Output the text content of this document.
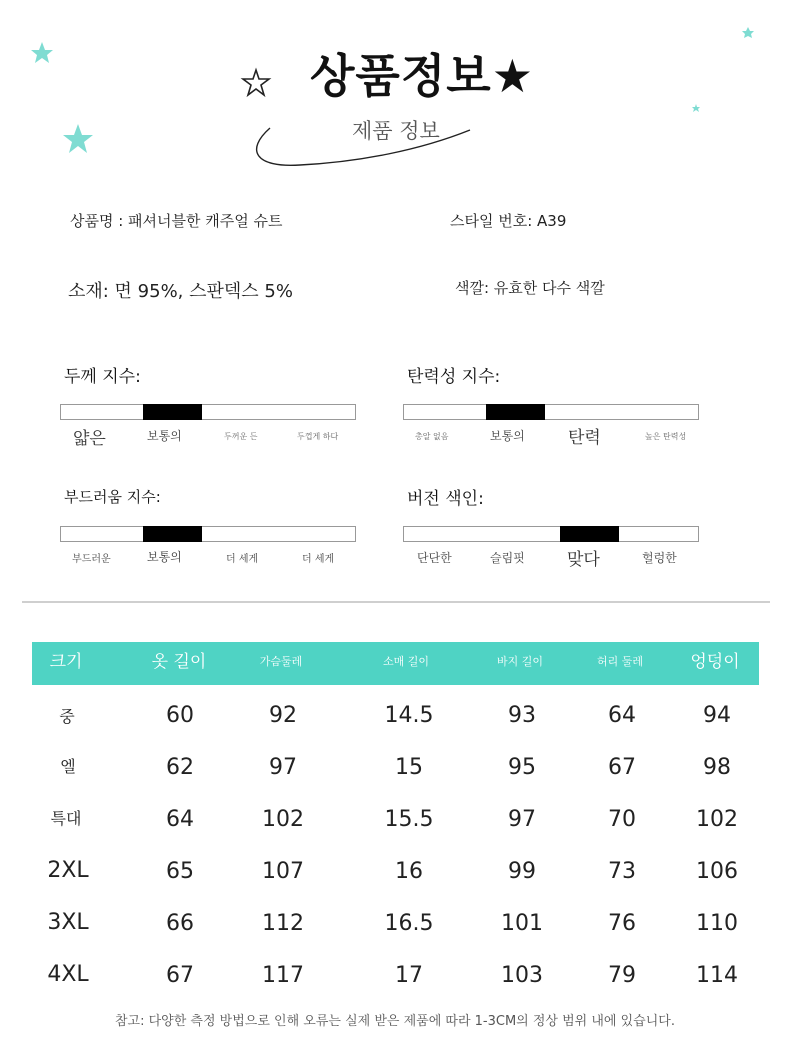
상품정보★
제품 정보
상품명 : 패셔너블한 캐주얼 슈트	스타일 번호: A39
소재: 면 95%, 스판덱스 5%	색깔: 유효한 다수 색깔
두께 지수:
얇은	보통의	두꺼운 든	두껍게 하다
탄력성 지수:
총알 없음	보통의	탄력	높은 탄력성
부드러움 지수:
부드러운	보통의	더 세게	더 세게
버전 색인:
단단한	슬림핏 맞다	헐렁한
크기	옷 길이	가슴둘레	소매 길이	바지 길이	허리 둘레	엉덩이
중	60	92	14.5	93	64	94
엘	62	97	15	95	67	98
특대	64	102	15.5	97	70	102
2XL	65	107	16	99	73	106
3XL	66	112	16.5	101	76	110
4XL	67	117	17	103	79	114
참고: 다양한 측정 방법으로 인해 오류는 실제 받은 제품에 따라 1-3CM의 정상 범위 내에 있습니다.
